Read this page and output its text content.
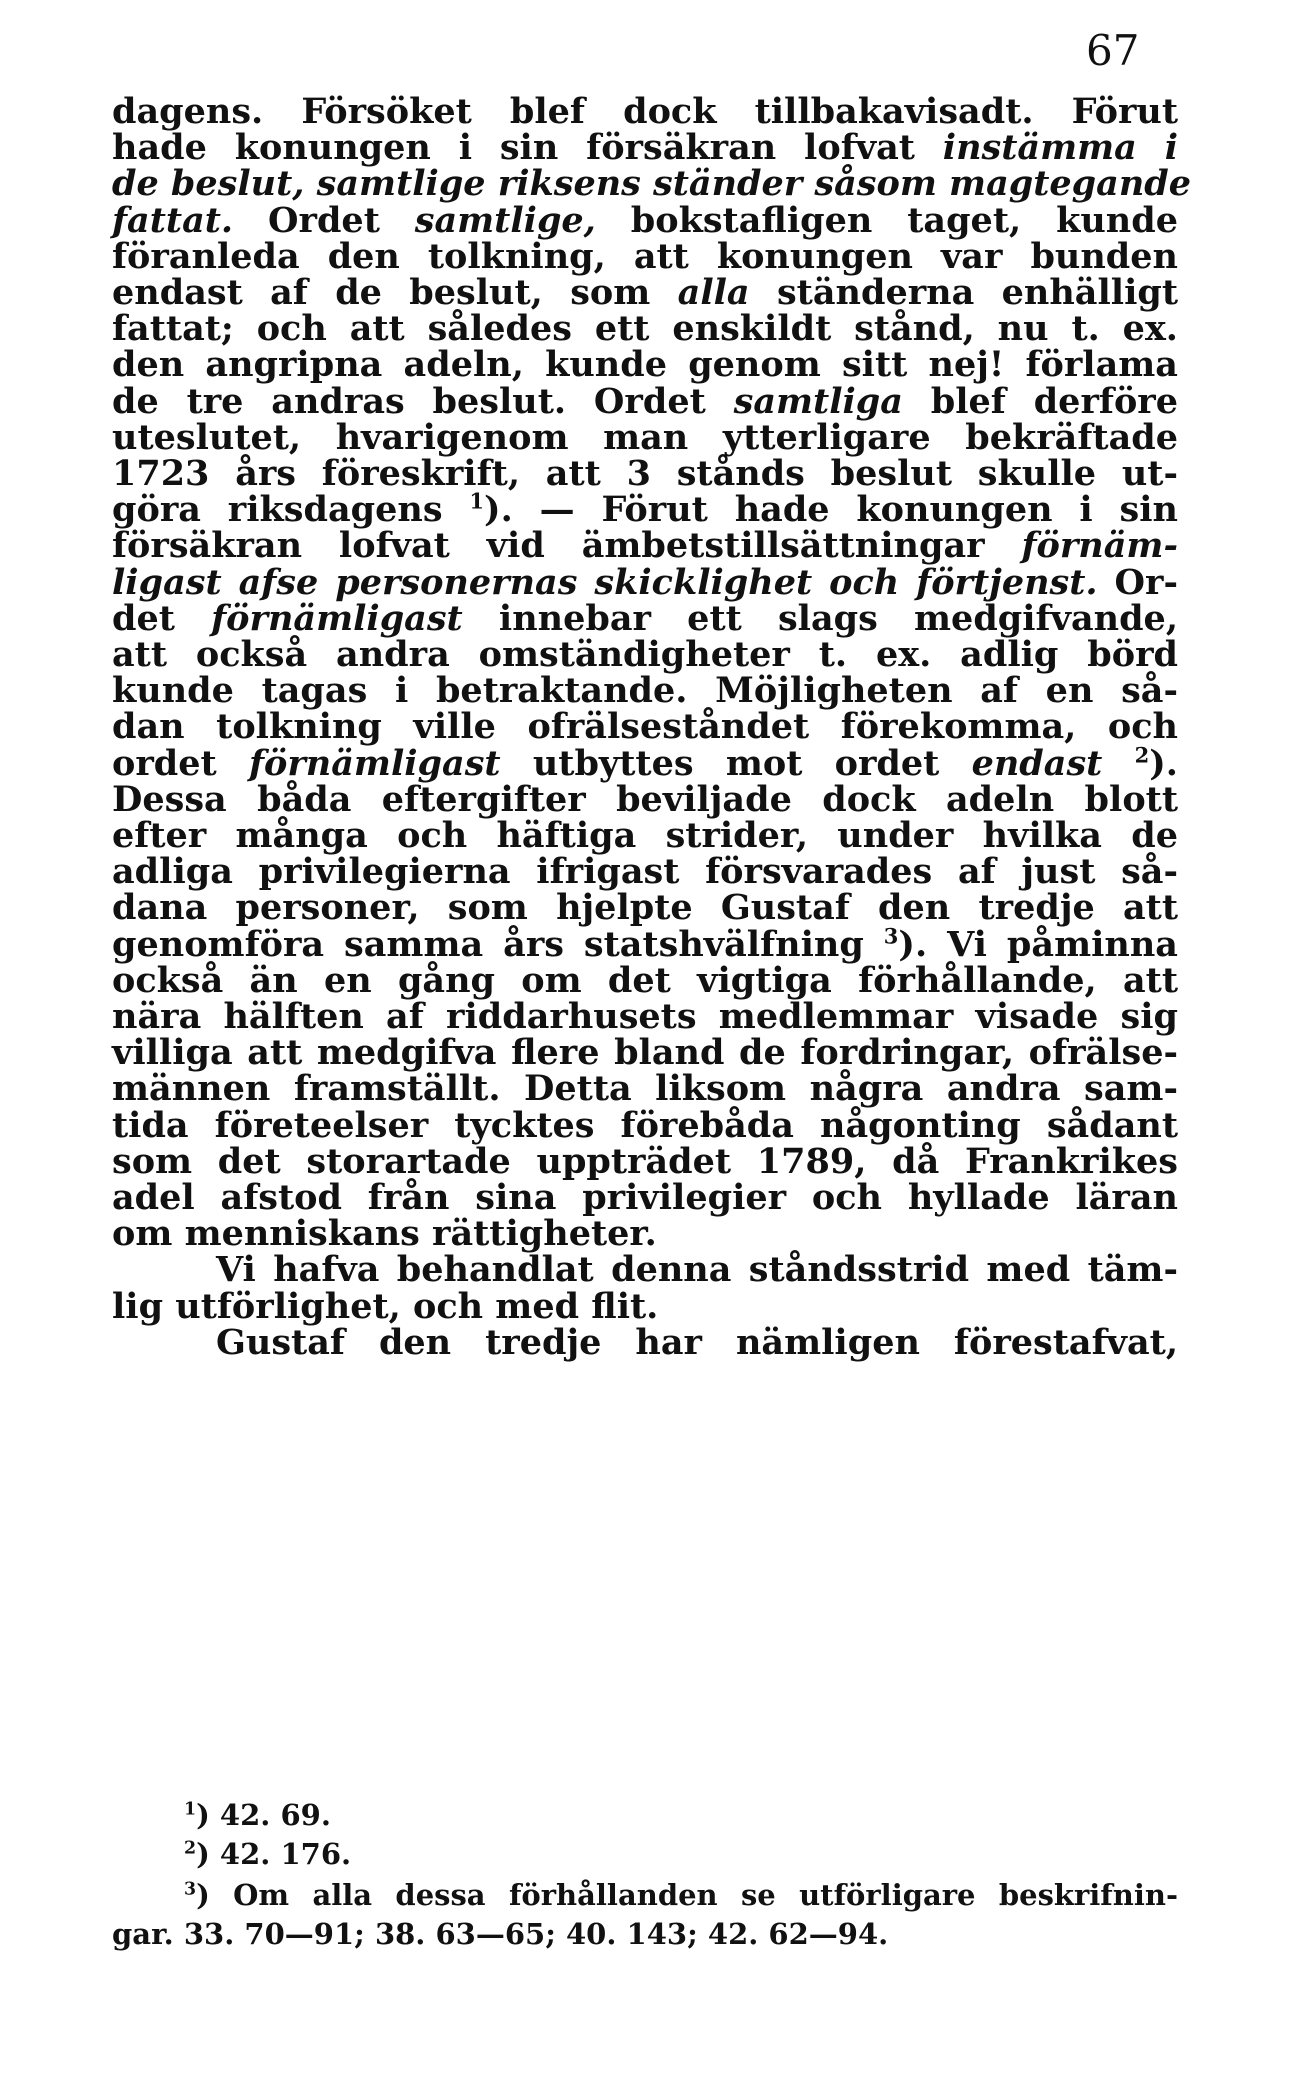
67
dagens. Försöket blef dock tillbakavisadt. Förut
hade konungen i sin försäkran lofvat instämma i
de beslut, samtlige riksens ständer såsom magtegande
fattat. Ordet samtlige, bokstafligen taget, kunde
föranleda den tolkning, att konungen var bunden
endast af de beslut, som alla ständerna enhälligt
fattat; och att således ett enskildt stånd, nu t. ex.
den angripna adeln, kunde genom sitt nej! förlama
de tre andras beslut. Ordet samtliga blef derföre
uteslutet, hvarigenom man ytterligare bekräftade
1723 års föreskrift, att 3 stånds beslut skulle ut-
göra riksdagens $^1$). — Förut hade konungen i sin
försäkran lofvat vid ämbetstillsättningar förnäm-
ligast afse personernas skicklighet och förtjenst. Or-
det förnämligast innebar ett slags medgifvande,
att också andra omständigheter t. ex. adlig börd
kunde tagas i betraktande. Möjligheten af en så-
dan tolkning ville ofrälseståndet förekomma, och
ordet förnämligast utbyttes mot ordet endast $^2$).
Dessa båda eftergifter beviljade dock adeln blott
efter många och häftiga strider, under hvilka de
adliga privilegierna ifrigast försvarades af just så-
dana personer, som hjelpte Gustaf den tredje att
genomföra samma års statshvälfning $^3$). Vi påminna
också än en gång om det vigtiga förhållande, att
nära hälften af riddarhusets medlemmar visade sig
villiga att medgifva flere bland de fordringar, ofrälse-
männen framställt. Detta liksom några andra sam-
tida företeelser tycktes förebåda någonting sådant
som det storartade uppträdet 1789, då Frankrikes
adel afstod från sina privilegier och hyllade läran
om menniskans rättigheter.
Vi hafva behandlat denna ståndsstrid med täm-
lig utförlighet, och med flit.
Gustaf den tredje har nämligen förestafvat,
$^1$) 42. 69.
$^2$) 42. 176.
$^3$) Om alla dessa förhållanden se utförligare beskrifnin-
gar. 33. 70—91; 38. 63—65; 40. 143; 42. 62—94.
